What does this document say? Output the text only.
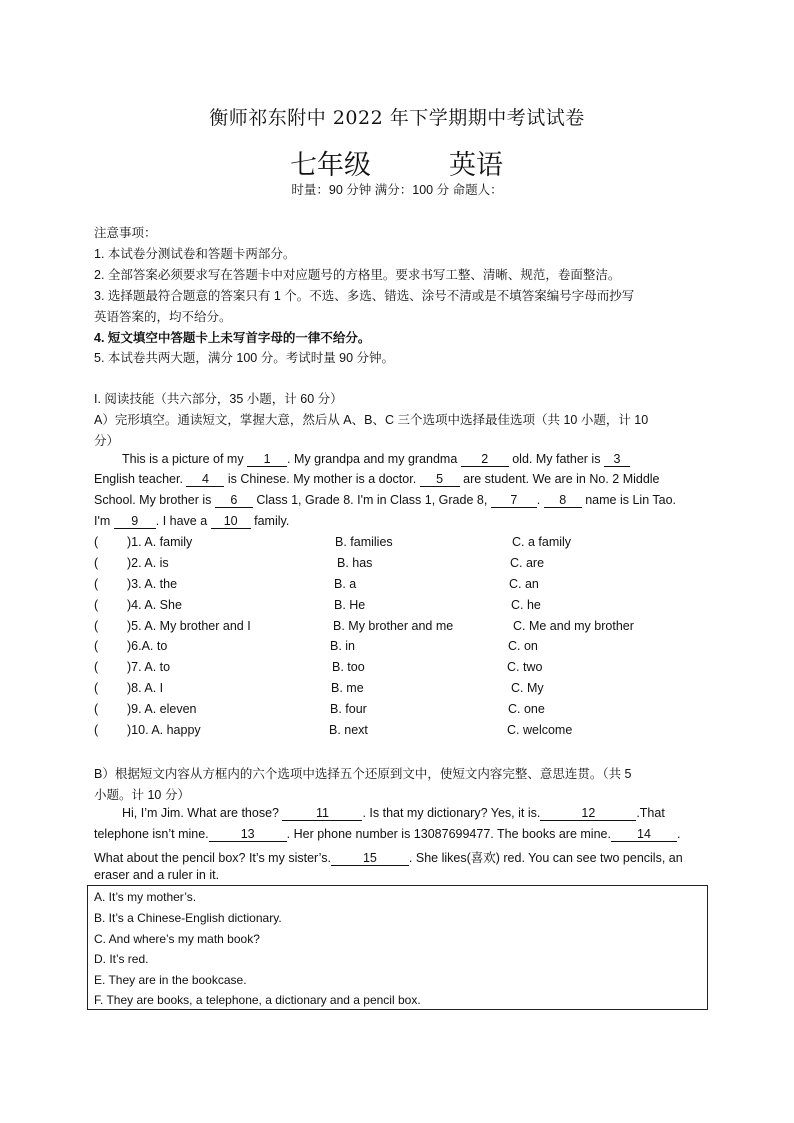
衡师祁东附中 2022 年下学期期中考试试卷
七年级	英语
时量：90 分钟 满分：100 分 命题人：
注意事项：
1. 本试卷分测试卷和答题卡两部分。
2. 全部答案必须要求写在答题卡中对应题号的方格里。要求书写工整、清晰、规范，卷面整洁。
3. 选择题最符合题意的答案只有 1 个。不选、多选、错选、涂号不清或是不填答案编号字母而抄写
英语答案的，均不给分。
4. 短文填空中答题卡上未写首字母的一律不给分。
5. 本试卷共两大题，满分 100 分。考试时量 90 分钟。
I. 阅读技能（共六部分，35 小题，计 60 分）
A）完形填空。通读短文，掌握大意，然后从 A、B、C 三个选项中选择最佳选项（共 10 小题，计 10
分）
This is a picture of my 1 . My grandpa and my grandma 2 old. My father is 3
English teacher. 4 is Chinese. My mother is a doctor. 5 are student. We are in No. 2 Middle
School. My brother is 6 Class 1, Grade 8. I'm in Class 1, Grade 8, 7 . 8 name is Lin Tao.
I'm 9 . I have a 10 family.
( )1. A. family	B. families	C. a family
( )2. A. is	B. has	C. are
( )3. A. the	B. a	C. an
( )4. A. She	B. He	C. he
( )5. A. My brother and I	B. My brother and me	C. Me and my brother
( )6.A. to	B. in	C. on
( )7. A. to	B. too	C. two
( )8. A. I	B. me	C. My
( )9. A. eleven	B. four	C. one
( )10. A. happy	B. next	C. welcome
B）根据短文内容从方框内的六个选项中选择五个还原到文中，使短文内容完整、意思连贯。（共 5
小题。计 10 分）
Hi, I’m Jim. What are those?	11	. Is that my dictionary? Yes, it is.	12	.That
telephone isn’t mine.	13	. Her phone number is 13087699477. The books are mine. 14 .
What about the pencil box? It’s my sister’s.	15	. She likes(喜欢) red. You can see two pencils, an
eraser and a ruler in it.
A. It’s my mother’s.
B. It’s a Chinese-English dictionary.
C. And where’s my math book?
D. It’s red.
E. They are in the bookcase.
F. They are books, a telephone, a dictionary and a pencil box.
